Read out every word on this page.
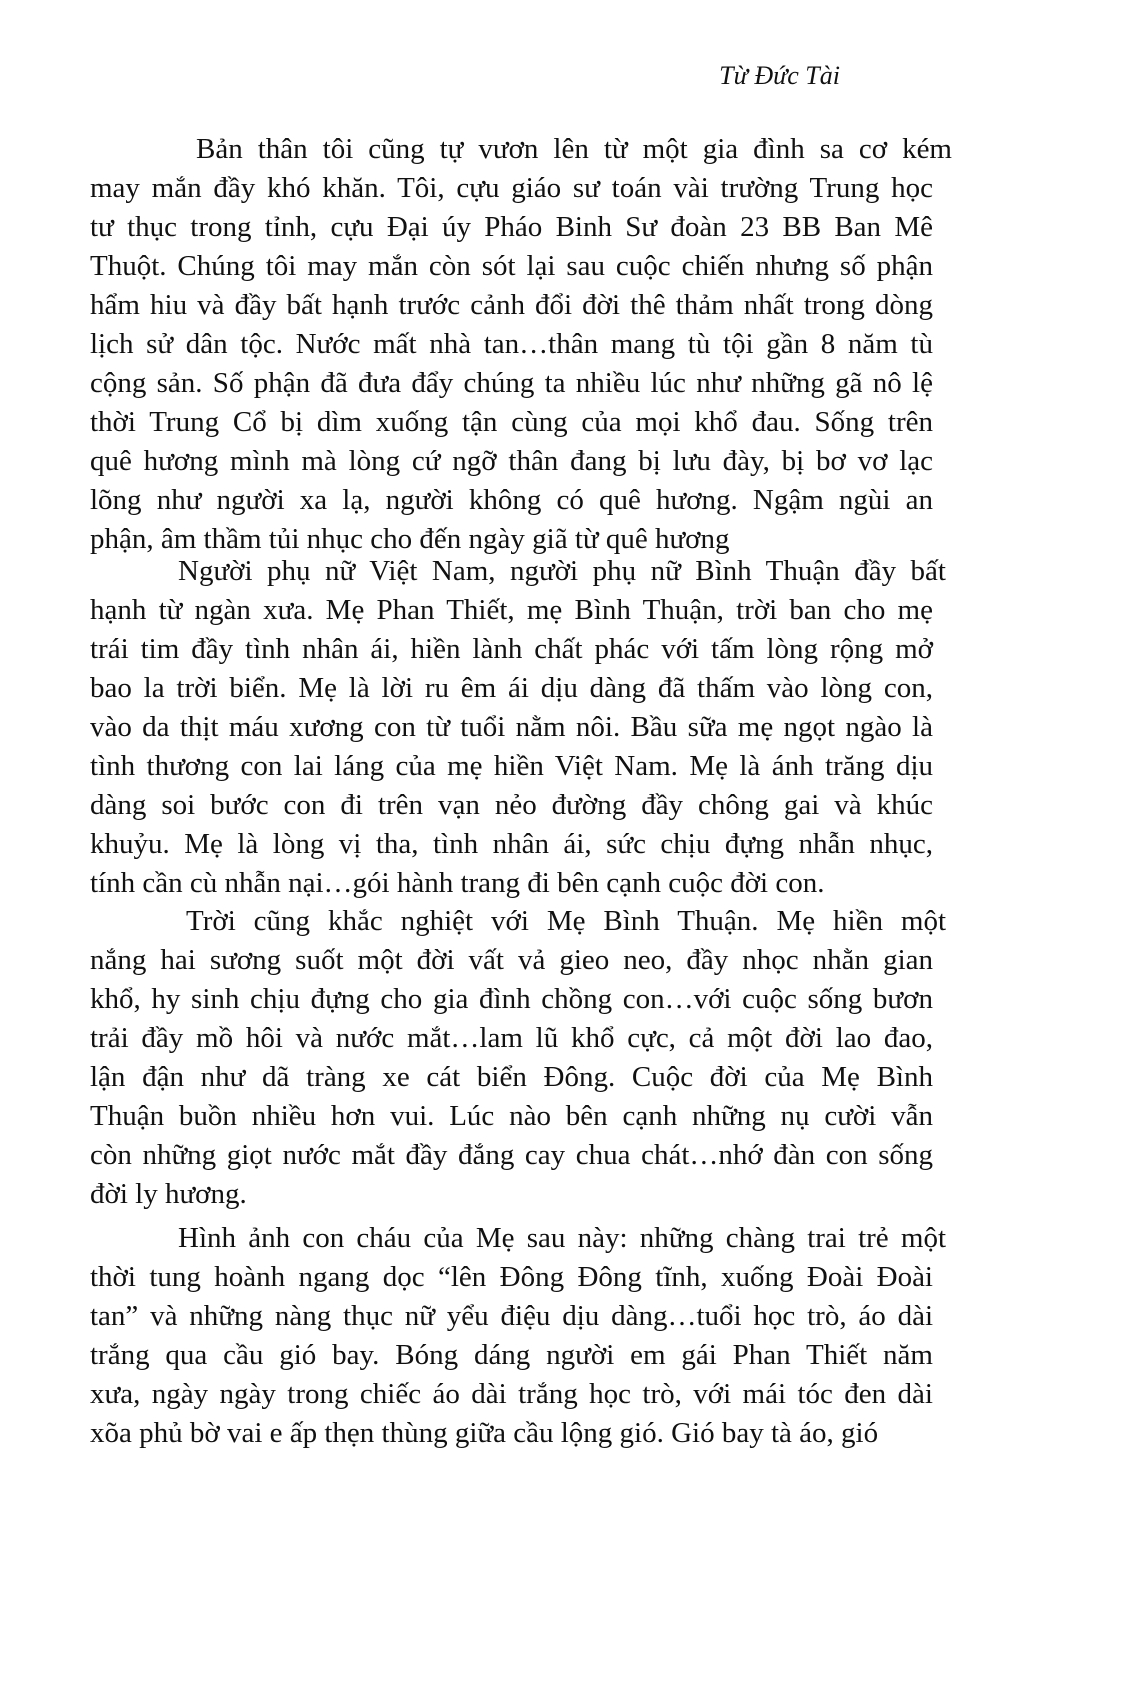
Từ Đức Tài
Bản thân tôi cũng tự vươn lên từ một gia đình sa cơ kém
may mắn đầy khó khăn. Tôi, cựu giáo sư toán vài trường Trung học
tư thục trong tỉnh, cựu Đại úy Pháo Binh Sư đoàn 23 BB Ban Mê
Thuột. Chúng tôi may mắn còn sót lại sau cuộc chiến nhưng số phận
hẩm hiu và đầy bất hạnh trước cảnh đổi đời thê thảm nhất trong dòng
lịch sử dân tộc. Nước mất nhà tan…thân mang tù tội gần 8 năm tù
cộng sản. Số phận đã đưa đẩy chúng ta nhiều lúc như những gã nô lệ
thời Trung Cổ bị dìm xuống tận cùng của mọi khổ đau. Sống trên
quê hương mình mà lòng cứ ngỡ thân đang bị lưu đày, bị bơ vơ lạc
lõng như người xa lạ, người không có quê hương. Ngậm ngùi an
phận, âm thầm tủi nhục cho đến ngày giã từ quê hương
Người phụ nữ Việt Nam, người phụ nữ Bình Thuận đầy bất
hạnh từ ngàn xưa. Mẹ Phan Thiết, mẹ Bình Thuận, trời ban cho mẹ
trái tim đầy tình nhân ái, hiền lành chất phác với tấm lòng rộng mở
bao la trời biển. Mẹ là lời ru êm ái dịu dàng đã thấm vào lòng con,
vào da thịt máu xương con từ tuổi nằm nôi. Bầu sữa mẹ ngọt ngào là
tình thương con lai láng của mẹ hiền Việt Nam. Mẹ là ánh trăng dịu
dàng soi bước con đi trên vạn nẻo đường đầy chông gai và khúc
khuỷu. Mẹ là lòng vị tha, tình nhân ái, sức chịu đựng nhẫn nhục,
tính cần cù nhẫn nại…gói hành trang đi bên cạnh cuộc đời con.
Trời cũng khắc nghiệt với Mẹ Bình Thuận. Mẹ hiền một
nắng hai sương suốt một đời vất vả gieo neo, đầy nhọc nhằn gian
khổ, hy sinh chịu đựng cho gia đình chồng con…với cuộc sống bươn
trải đầy mồ hôi và nước mắt…lam lũ khổ cực, cả một đời lao đao,
lận đận như dã tràng xe cát biển Đông. Cuộc đời của Mẹ Bình
Thuận buồn nhiều hơn vui. Lúc nào bên cạnh những nụ cười vẫn
còn những giọt nước mắt đầy đắng cay chua chát…nhớ đàn con sống
đời ly hương.
Hình ảnh con cháu của Mẹ sau này: những chàng trai trẻ một
thời tung hoành ngang dọc “lên Đông Đông tĩnh, xuống Đoài Đoài
tan” và những nàng thục nữ yểu điệu dịu dàng…tuổi học trò, áo dài
trắng qua cầu gió bay. Bóng dáng người em gái Phan Thiết năm
xưa, ngày ngày trong chiếc áo dài trắng học trò, với mái tóc đen dài
xõa phủ bờ vai e ấp thẹn thùng giữa cầu lộng gió. Gió bay tà áo, gió
